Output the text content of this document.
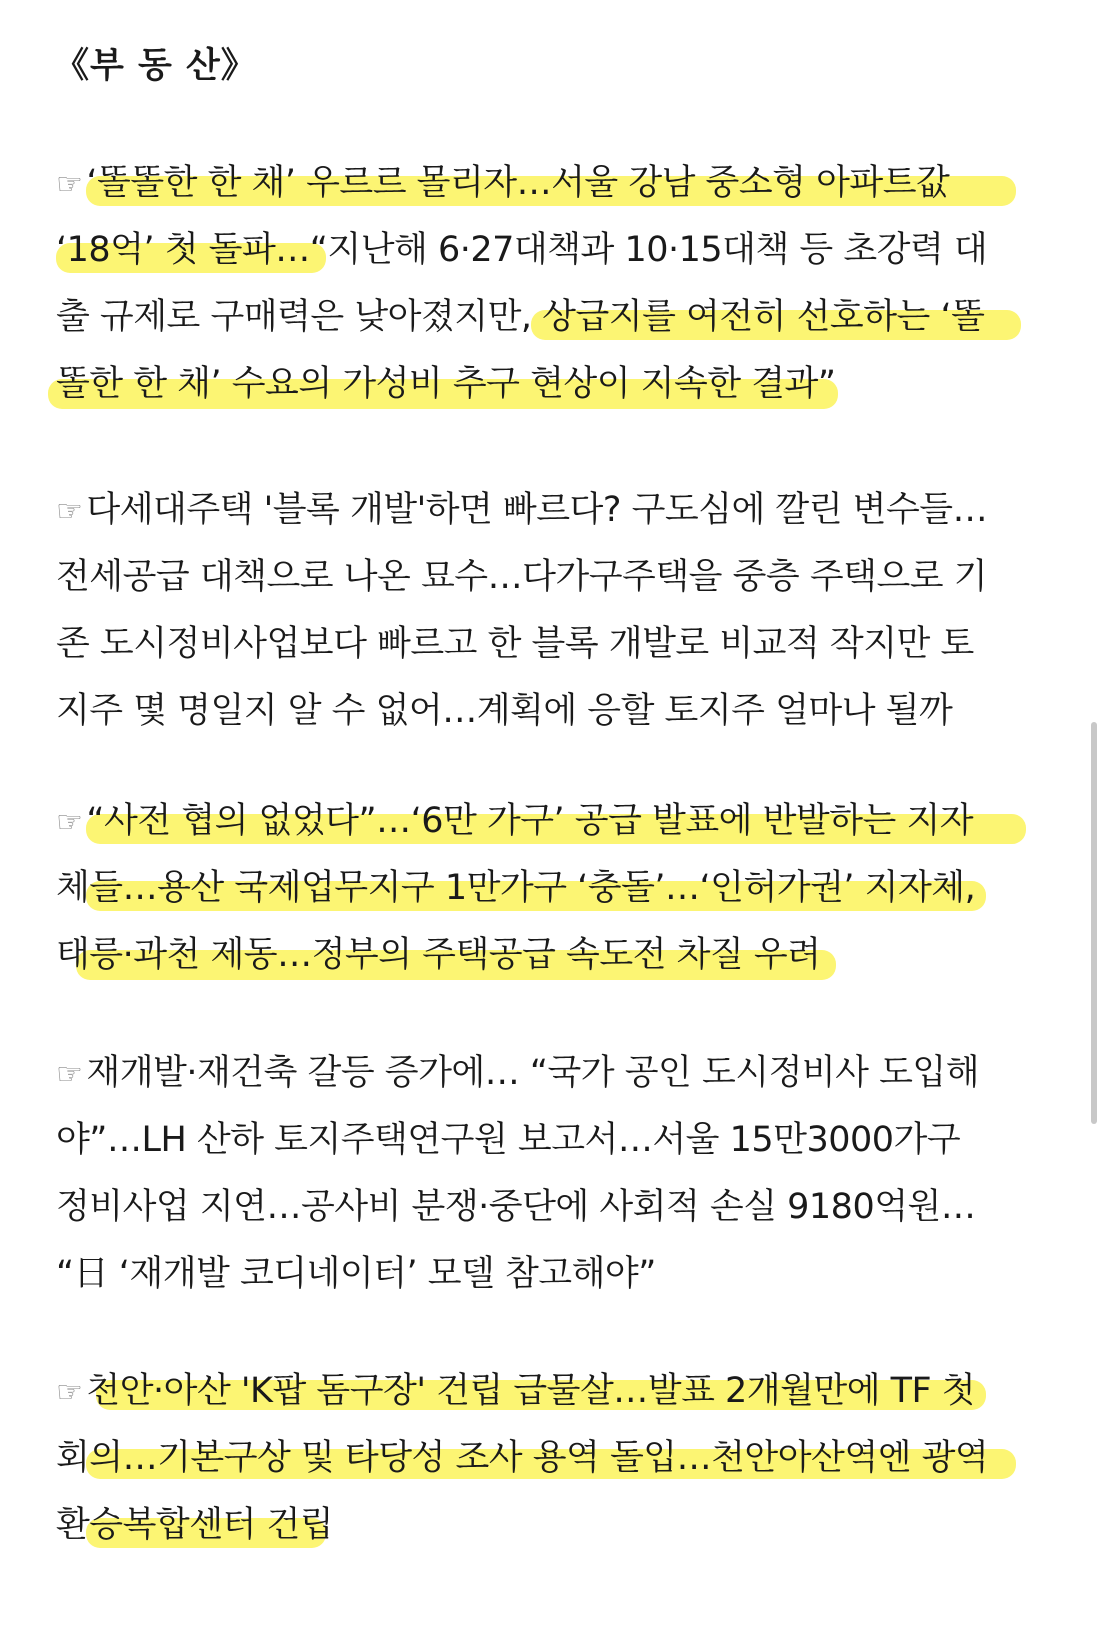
《부 동 산》
☞ ‘똘똘한 한 채’ 우르르 몰리자…서울 강남 중소형 아파트값
‘18억’ 첫 돌파…“지난해 6·27대책과 10·15대책 등 초강력 대
출 규제로 구매력은 낮아졌지만, 상급지를 여전히 선호하는 ‘똘
똘한 한 채’ 수요의 가성비 추구 현상이 지속한 결과”
☞ 다세대주택 '블록 개발'하면 빠르다? 구도심에 깔린 변수들…
전세공급 대책으로 나온 묘수…다가구주택을 중층 주택으로 기
존 도시정비사업보다 빠르고 한 블록 개발로 비교적 작지만 토
지주 몇 명일지 알 수 없어…계획에 응할 토지주 얼마나 될까
☞ “사전 협의 없었다”…‘6만 가구’ 공급 발표에 반발하는 지자
체들…용산 국제업무지구 1만가구 ‘충돌’…‘인허가권’ 지자체,
태릉·과천 제동…정부의 주택공급 속도전 차질 우려
☞ 재개발·재건축 갈등 증가에… “국가 공인 도시정비사 도입해
야”…LH 산하 토지주택연구원 보고서…서울 15만3000가구
정비사업 지연…공사비 분쟁·중단에 사회적 손실 9180억원…
“日 ‘재개발 코디네이터’ 모델 참고해야”
☞ 천안·아산 'K팝 돔구장' 건립 급물살…발표 2개월만에 TF 첫
회의…기본구상 및 타당성 조사 용역 돌입…천안아산역엔 광역
환승복합센터 건립
